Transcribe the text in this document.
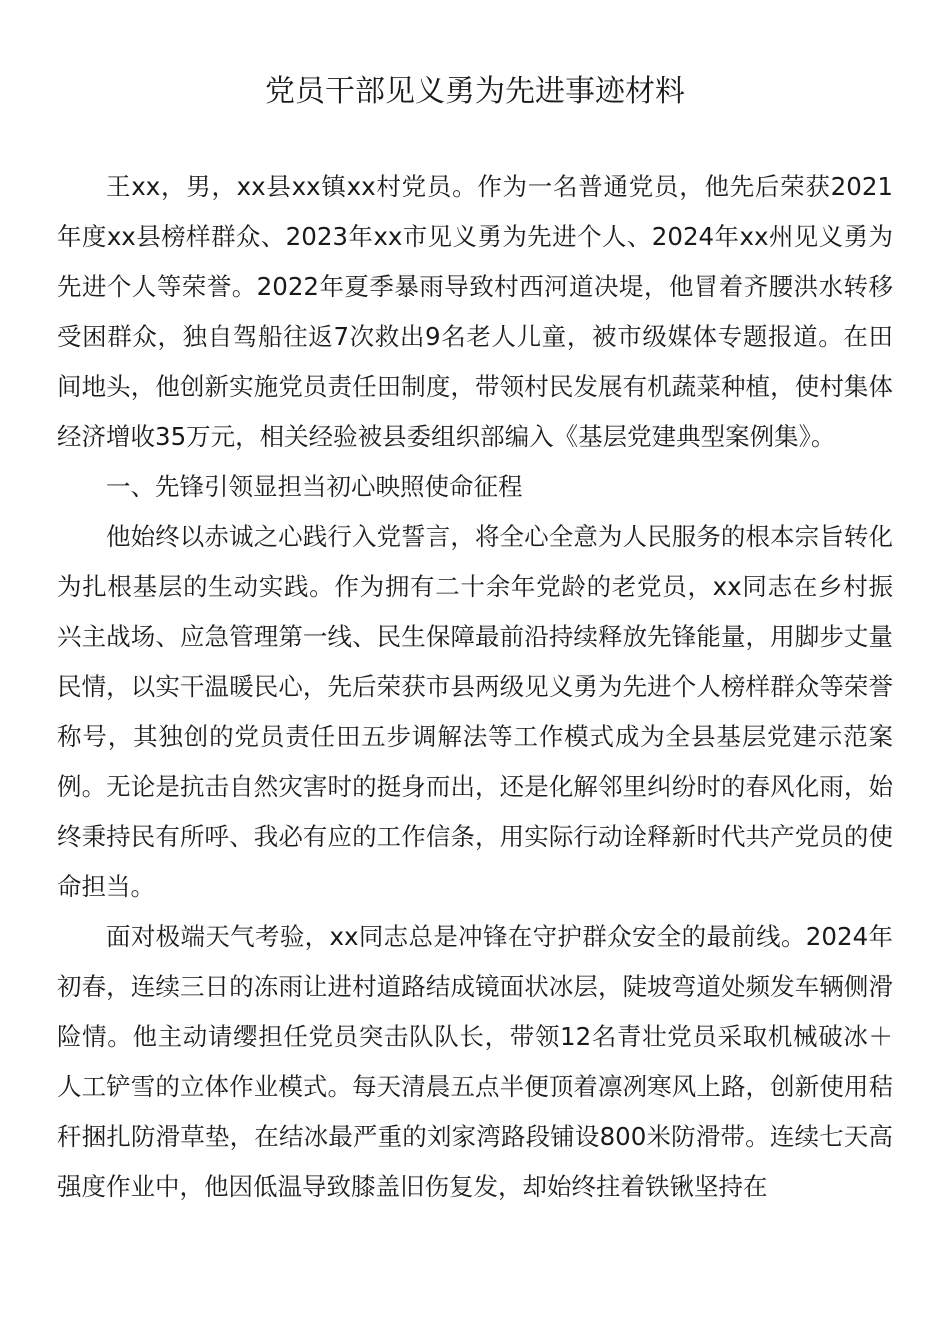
党员干部见义勇为先进事迹材料

王xx，男，xx县xx镇xx村党员。作为一名普通党员，他先后荣获2021年度xx县榜样群众、2023年xx市见义勇为先进个人、2024年xx州见义勇为先进个人等荣誉。2022年夏季暴雨导致村西河道决堤，他冒着齐腰洪水转移受困群众，独自驾船往返7次救出9名老人儿童，被市级媒体专题报道。在田间地头，他创新实施党员责任田制度，带领村民发展有机蔬菜种植，使村集体经济增收35万元，相关经验被县委组织部编入《基层党建典型案例集》。

一、先锋引领显担当初心映照使命征程

他始终以赤诚之心践行入党誓言，将全心全意为人民服务的根本宗旨转化为扎根基层的生动实践。作为拥有二十余年党龄的老党员，xx同志在乡村振兴主战场、应急管理第一线、民生保障最前沿持续释放先锋能量，用脚步丈量民情，以实干温暖民心，先后荣获市县两级见义勇为先进个人榜样群众等荣誉称号，其独创的党员责任田五步调解法等工作模式成为全县基层党建示范案例。无论是抗击自然灾害时的挺身而出，还是化解邻里纠纷时的春风化雨，始终秉持民有所呼、我必有应的工作信条，用实际行动诠释新时代共产党员的使命担当。

面对极端天气考验，xx同志总是冲锋在守护群众安全的最前线。2024年初春，连续三日的冻雨让进村道路结成镜面状冰层，陡坡弯道处频发车辆侧滑险情。他主动请缨担任党员突击队队长，带领12名青壮党员采取机械破冰＋人工铲雪的立体作业模式。每天清晨五点半便顶着凛冽寒风上路，创新使用秸秆捆扎防滑草垫，在结冰最严重的刘家湾路段铺设800米防滑带。连续七天高强度作业中，他因低温导致膝盖旧伤复发，却始终拄着铁锹坚持在
